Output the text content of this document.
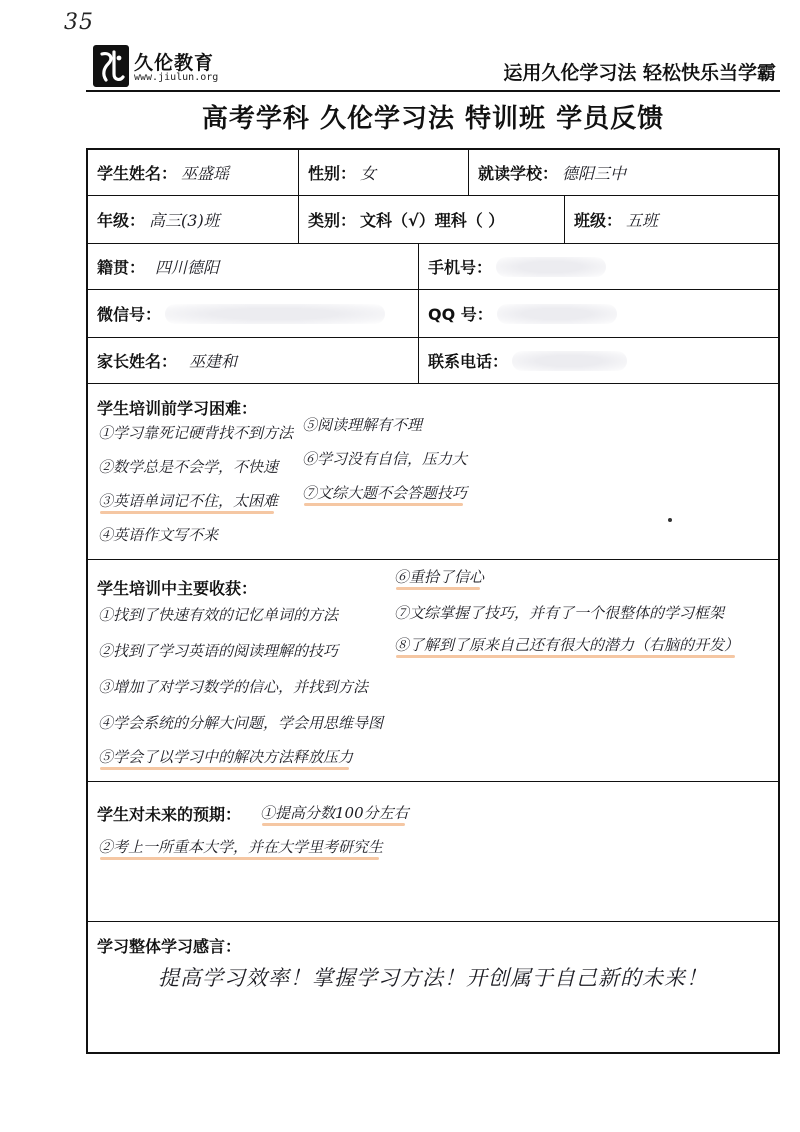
35
久伦教育
www.jiulun.org	运用久伦学习法 轻松快乐当学霸
高考学科 久伦学习法 特训班 学员反馈
学生姓名： 巫盛瑶	性别： 女	就读学校： 德阳三中
年级： 高三(3)班	类别： 文科（√）理科（ ）	班级： 五班
籍贯： 四川德阳	手机号：
微信号：	QQ 号：
家长姓名： 巫建和	联系电话：
学生培训前学习困难：
①学习靠死记硬背找不到方法
②数学总是不会学，不快速
③英语单词记不住，太困难
④英语作文写不来
⑤阅读理解有不理
⑥学习没有自信，压力大
⑦文综大题不会答题技巧
学生培训中主要收获：
①找到了快速有效的记忆单词的方法
②找到了学习英语的阅读理解的技巧
③增加了对学习数学的信心，并找到方法
④学会系统的分解大问题，学会用思维导图
⑤学会了以学习中的解决方法释放压力
⑥重拾了信心
⑦文综掌握了技巧，并有了一个很整体的学习框架
⑧了解到了原来自己还有很大的潜力（右脑的开发）
学生对未来的预期： ①提高分数100分左右
②考上一所重本大学，并在大学里考研究生
学习整体学习感言：
提高学习效率！掌握学习方法！开创属于自己新的未来！
